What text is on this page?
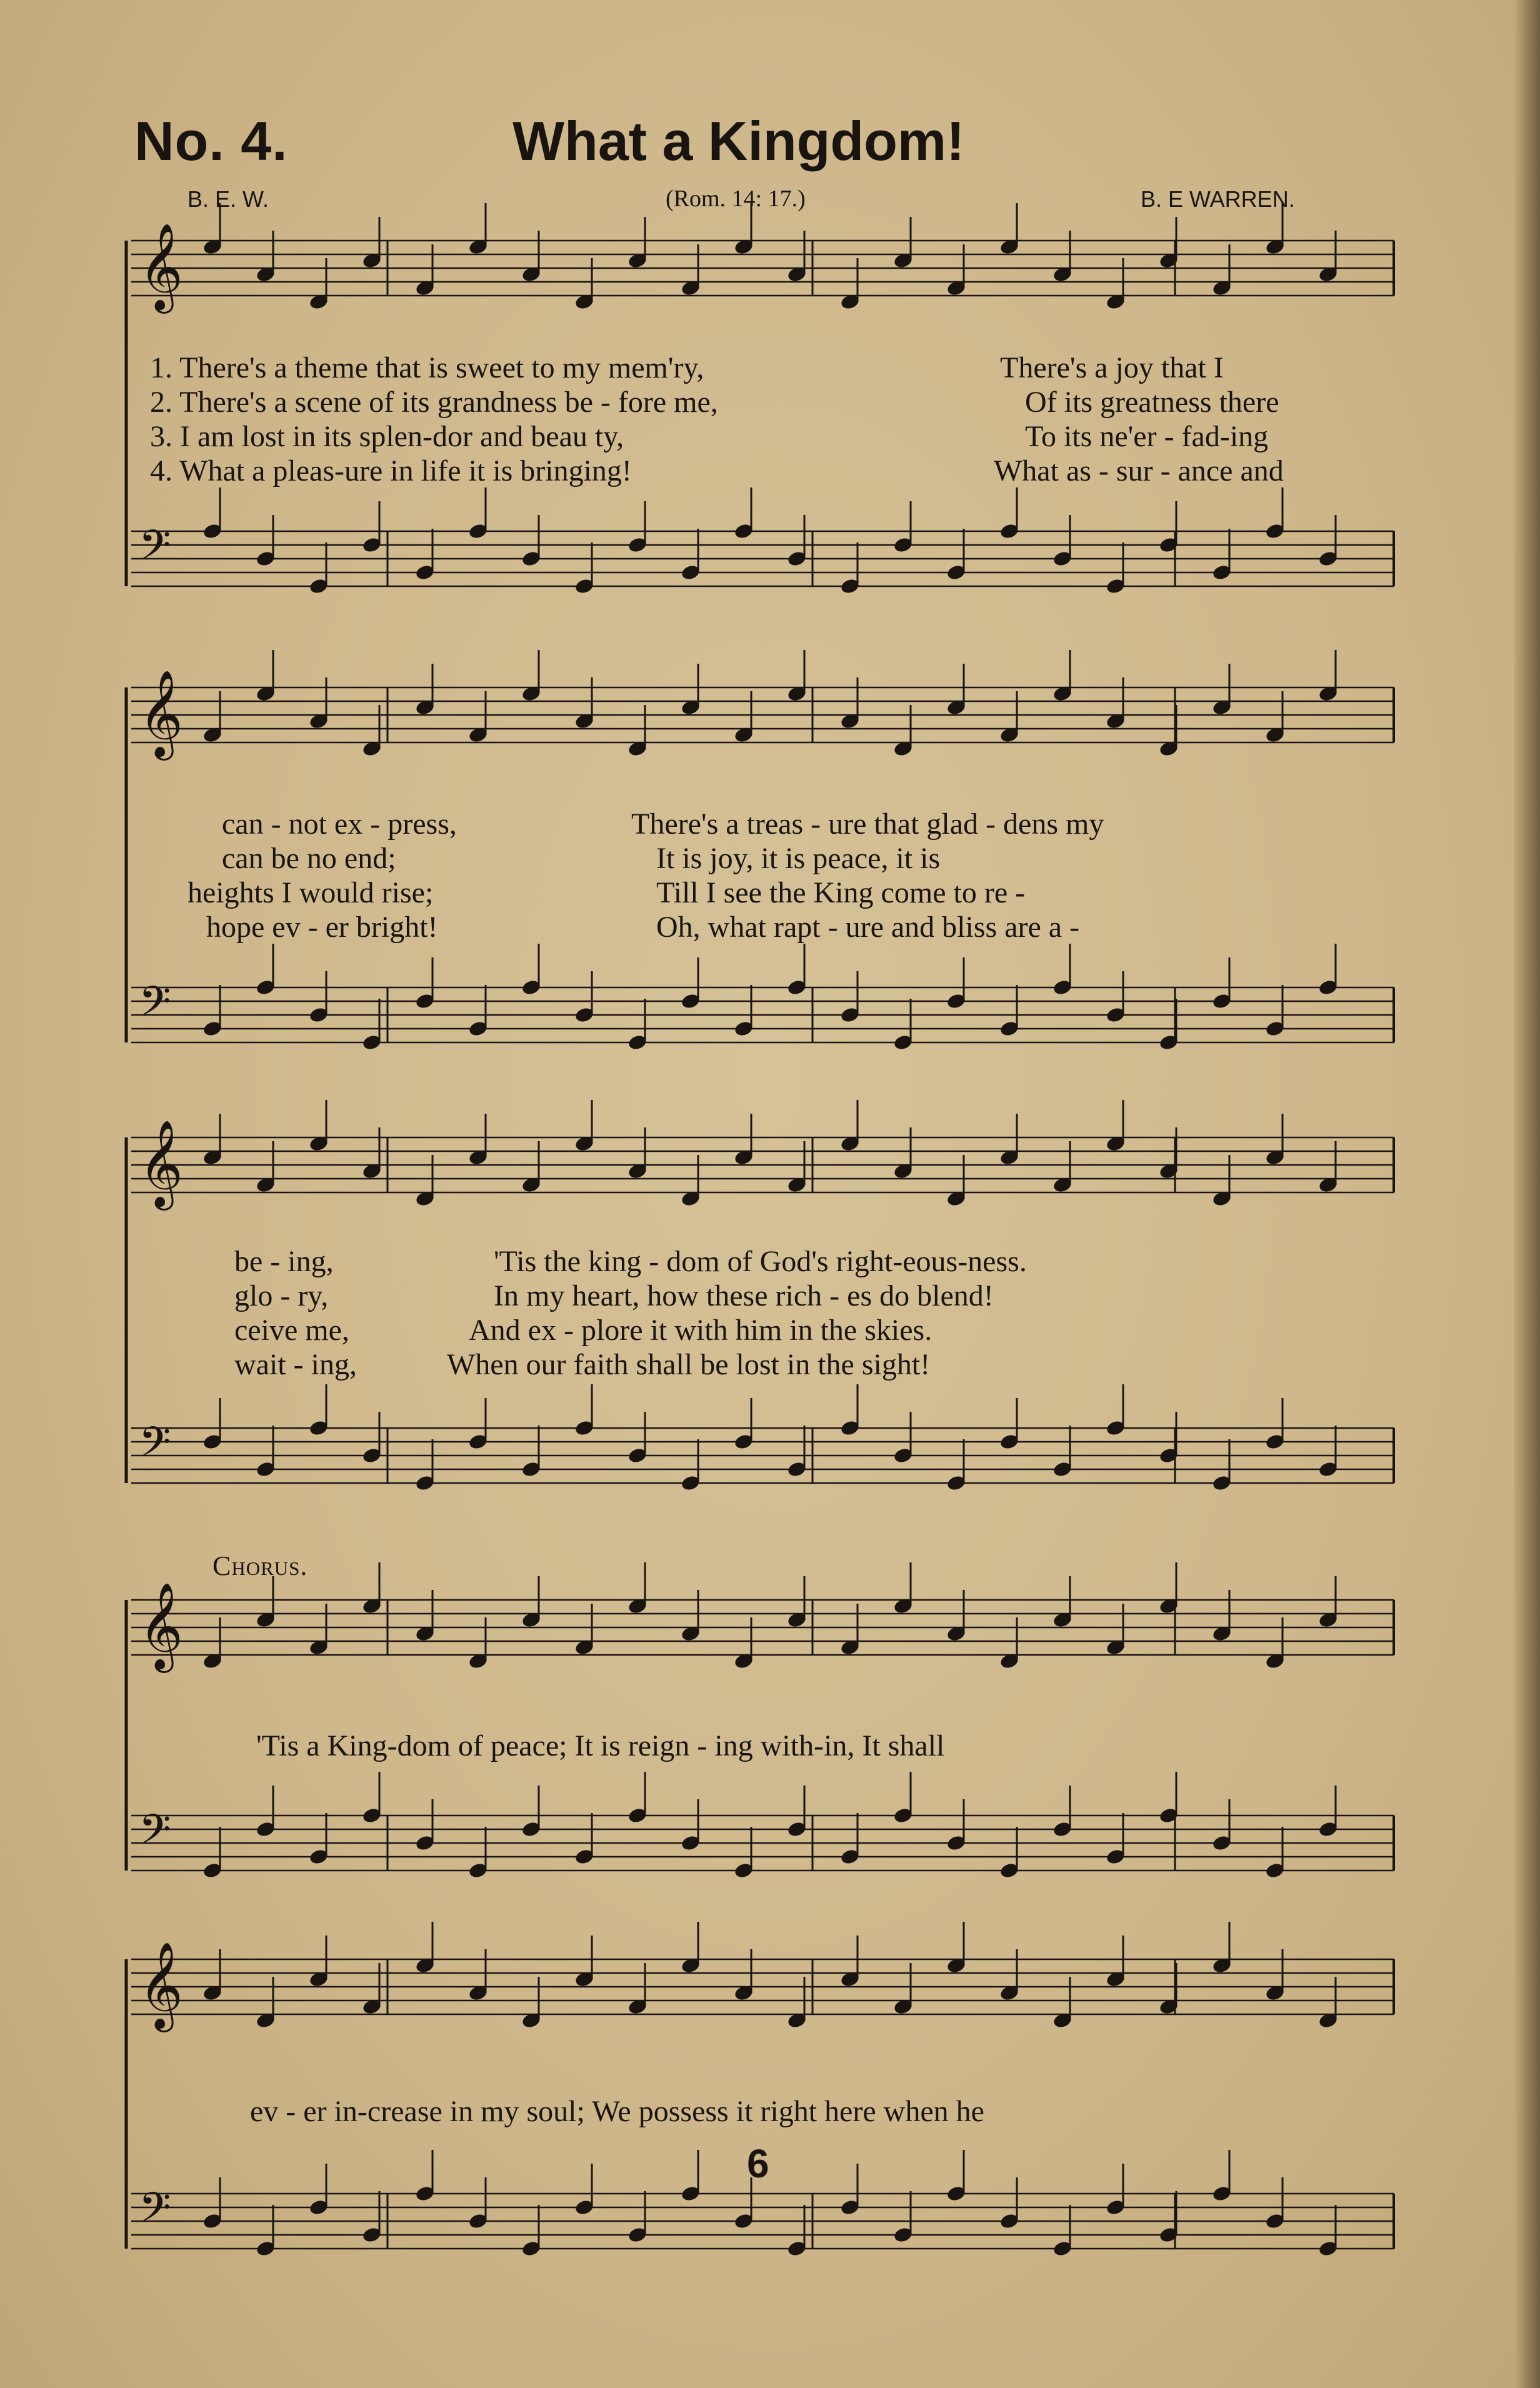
No. 4.	What a Kingdom!
B. E. W.	(Rom. 14: 17.)	B. E WARREN.
𝄞
𝄢
𝄞
𝄢
𝄞
𝄢
𝄞
𝄢
𝄞
𝄢
1. There's a theme that is sweet to my mem'ry,	There's a joy that I
2. There's a scene of its grandness be - fore me,	Of its greatness there
3. I am lost in its splen-dor and beau ty,	To its ne'er - fad-ing
4. What a pleas-ure in life it is bringing!	What as - sur - ance and
can - not ex - press,	There's a treas - ure that glad - dens my
can be no end;	It is joy, it is peace, it is
heights I would rise;	Till I see the King come to re -
hope ev - er bright!	Oh, what rapt - ure and bliss are a -
be - ing,	'Tis the king - dom of God's right-eous-ness.
glo - ry,	In my heart, how these rich - es do blend!
ceive me,	And ex - plore it with him in the skies.
wait - ing,	When our faith shall be lost in the sight!
Chorus.
'Tis a King-dom of peace; It is reign - ing with-in, It shall
ev - er in-crease in my soul; We possess it right here when he
6
